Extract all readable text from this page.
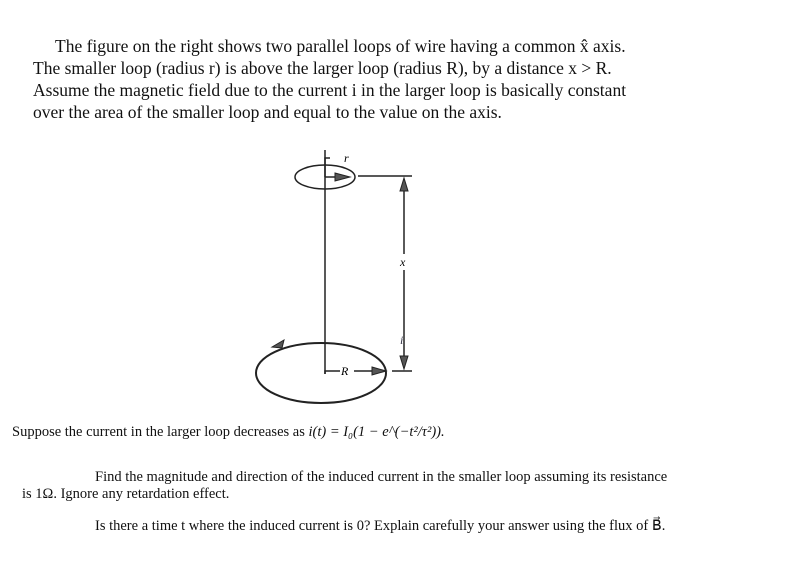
The figure on the right shows two parallel loops of wire having a common x̂ axis.
The smaller loop (radius r) is above the larger loop (radius R), by a distance x > R.
Assume the magnetic field due to the current i in the larger loop is basically constant
over the area of the smaller loop and equal to the value on the axis.
r
x
i
R
Suppose the current in the larger loop decreases as i(t) = I₀(1 − e^(−t²/τ²)).
Find the magnitude and direction of the induced current in the smaller loop assuming its resistance
is 1Ω. Ignore any retardation effect.
Is there a time t where the induced current is 0? Explain carefully your answer using the flux of B⃗.
